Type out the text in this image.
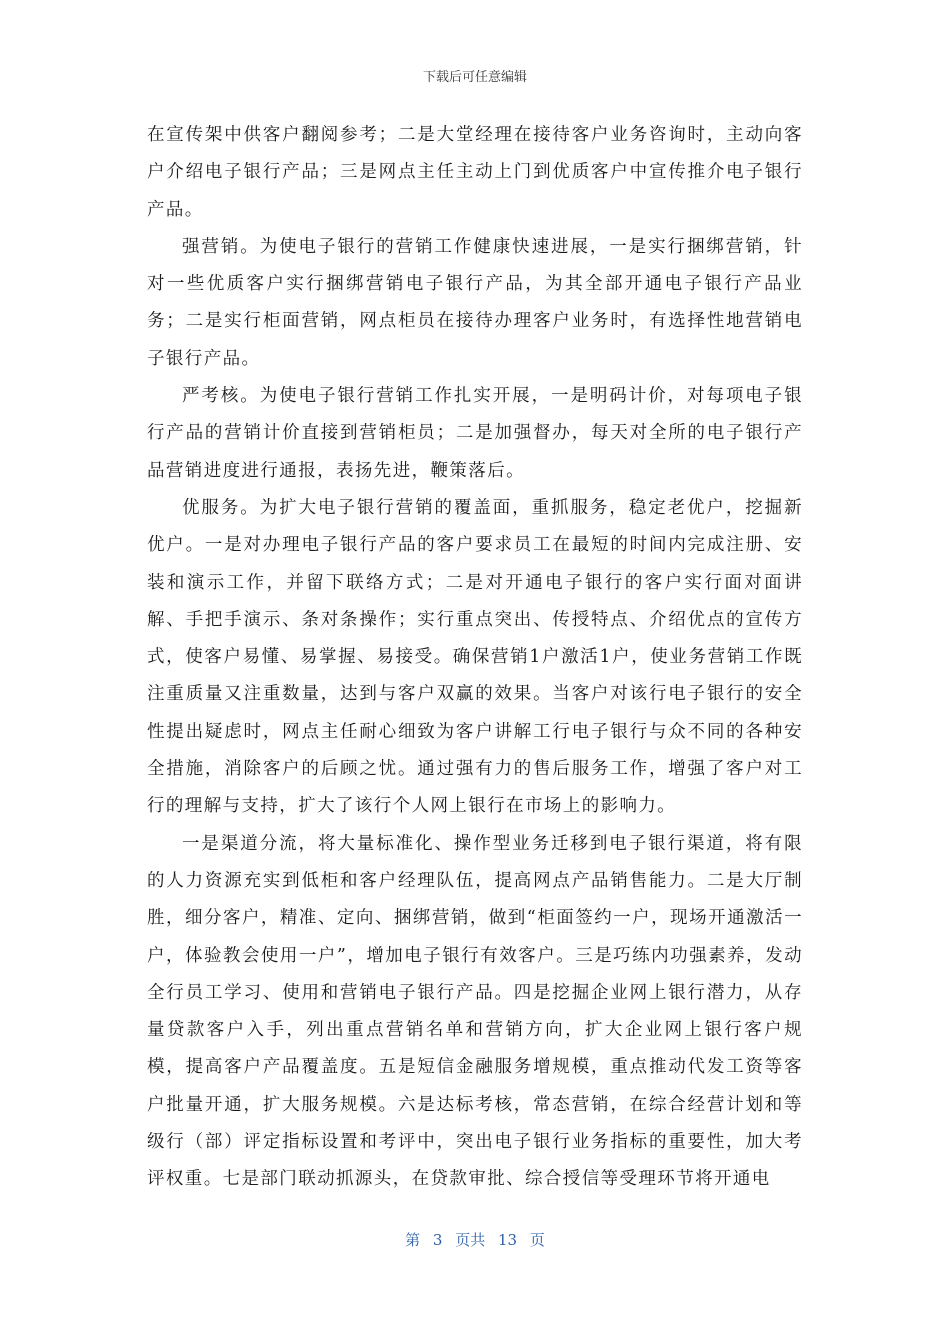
下载后可任意编辑

在宣传架中供客户翻阅参考；二是大堂经理在接待客户业务咨询时，主动向客户介绍电子银行产品；三是网点主任主动上门到优质客户中宣传推介电子银行产品。

强营销。为使电子银行的营销工作健康快速进展，一是实行捆绑营销，针对一些优质客户实行捆绑营销电子银行产品，为其全部开通电子银行产品业务；二是实行柜面营销，网点柜员在接待办理客户业务时，有选择性地营销电子银行产品。

严考核。为使电子银行营销工作扎实开展，一是明码计价，对每项电子银行产品的营销计价直接到营销柜员；二是加强督办，每天对全所的电子银行产品营销进度进行通报，表扬先进，鞭策落后。

优服务。为扩大电子银行营销的覆盖面，重抓服务，稳定老优户，挖掘新优户。一是对办理电子银行产品的客户要求员工在最短的时间内完成注册、安装和演示工作，并留下联络方式；二是对开通电子银行的客户实行面对面讲解、手把手演示、条对条操作；实行重点突出、传授特点、介绍优点的宣传方式，使客户易懂、易掌握、易接受。确保营销1户激活1户，使业务营销工作既注重质量又注重数量，达到与客户双赢的效果。当客户对该行电子银行的安全性提出疑虑时，网点主任耐心细致为客户讲解工行电子银行与众不同的各种安全措施，消除客户的后顾之忧。通过强有力的售后服务工作，增强了客户对工行的理解与支持，扩大了该行个人网上银行在市场上的影响力。

一是渠道分流，将大量标准化、操作型业务迁移到电子银行渠道，将有限的人力资源充实到低柜和客户经理队伍，提高网点产品销售能力。二是大厅制胜，细分客户，精准、定向、捆绑营销，做到“柜面签约一户，现场开通激活一户，体验教会使用一户”，增加电子银行有效客户。三是巧练内功强素养，发动全行员工学习、使用和营销电子银行产品。四是挖掘企业网上银行潜力，从存量贷款客户入手，列出重点营销名单和营销方向，扩大企业网上银行客户规模，提高客户产品覆盖度。五是短信金融服务增规模，重点推动代发工资等客户批量开通，扩大服务规模。六是达标考核，常态营销，在综合经营计划和等级行（部）评定指标设置和考评中，突出电子银行业务指标的重要性，加大考评权重。七是部门联动抓源头，在贷款审批、综合授信等受理环节将开通电

第 3 页共 13 页
